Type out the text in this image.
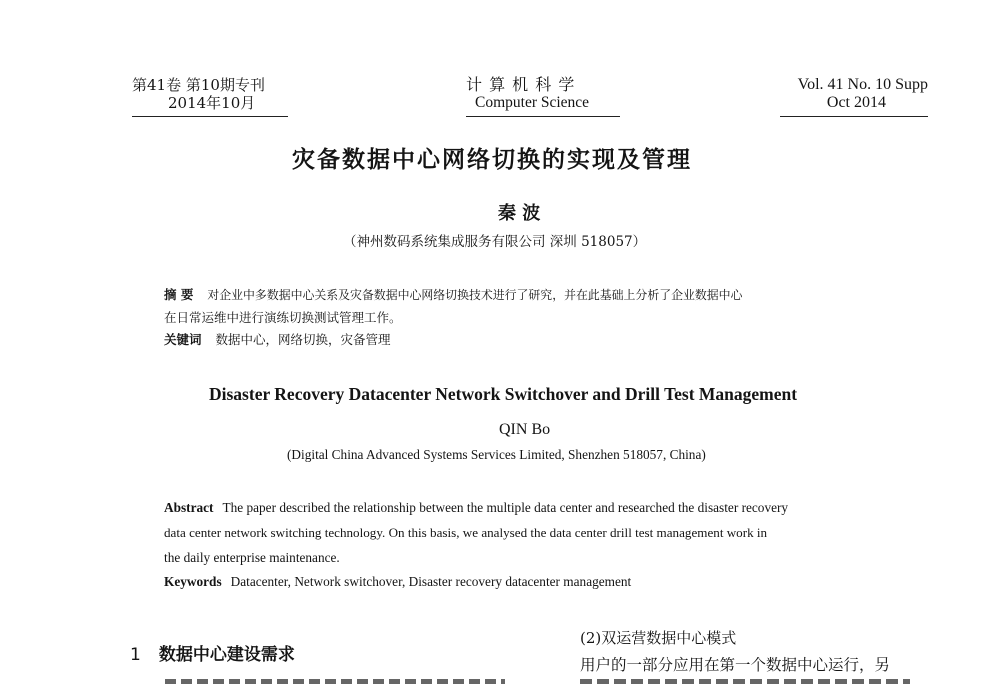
第41卷 第10期专刊
2014年10月
计 算 机 科 学
Computer Science
Vol. 41 No. 10 Supp
Oct 2014
灾备数据中心网络切换的实现及管理
秦 波
（神州数码系统集成服务有限公司 深圳 518057）
摘 要 对企业中多数据中心关系及灾备数据中心网络切换技术进行了研究，并在此基础上分析了企业数据中心
在日常运维中进行演练切换测试管理工作。
关键词 数据中心，网络切换，灾备管理
Disaster Recovery Datacenter Network Switchover and Drill Test Management
QIN Bo
(Digital China Advanced Systems Services Limited, Shenzhen 518057, China)
Abstract The paper described the relationship between the multiple data center and researched the disaster recovery
data center network switching technology. On this basis, we analysed the data center drill test management work in
the daily enterprise maintenance.
Keywords Datacenter, Network switchover, Disaster recovery datacenter management
1 数据中心建设需求
(2)双运营数据中心模式
用户的一部分应用在第一个数据中心运行，另
